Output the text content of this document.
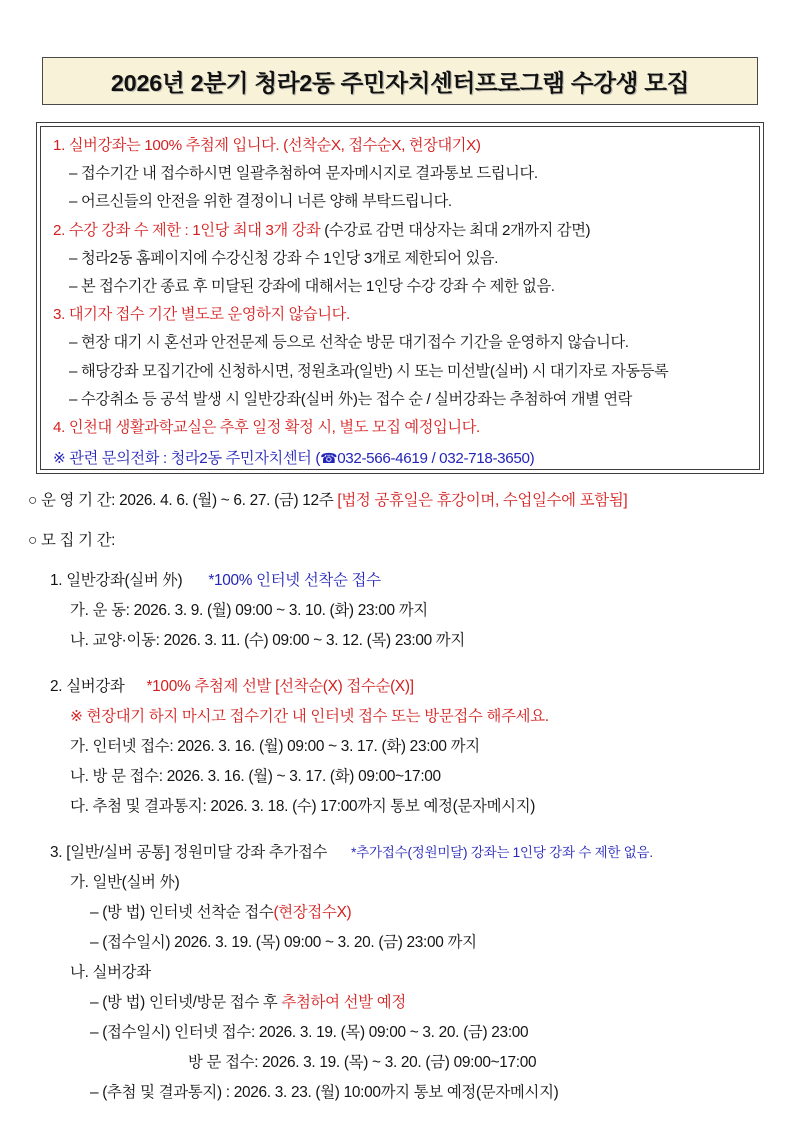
2026년 2분기 청라2동 주민자치센터프로그램 수강생 모집
1. 실버강좌는 100% 추첨제 입니다. (선착순X, 접수순X, 현장대기X)
– 접수기간 내 접수하시면 일괄추첨하여 문자메시지로 결과통보 드립니다.
– 어르신들의 안전을 위한 결정이니 너른 양해 부탁드립니다.
2. 수강 강좌 수 제한 : 1인당 최대 3개 강좌 (수강료 감면 대상자는 최대 2개까지 감면)
– 청라2동 홈페이지에 수강신청 강좌 수 1인당 3개로 제한되어 있음.
– 본 접수기간 종료 후 미달된 강좌에 대해서는 1인당 수강 강좌 수 제한 없음.
3. 대기자 접수 기간 별도로 운영하지 않습니다.
– 현장 대기 시 혼선과 안전문제 등으로 선착순 방문 대기접수 기간을 운영하지 않습니다.
– 해당강좌 모집기간에 신청하시면, 정원초과(일반) 시 또는 미선발(실버) 시 대기자로 자동등록
– 수강취소 등 공석 발생 시 일반강좌(실버 外)는 접수 순 / 실버강좌는 추첨하여 개별 연락
4. 인천대 생활과학교실은 추후 일정 확정 시, 별도 모집 예정입니다.
※ 관련 문의전화 : 청라2동 주민자치센터 (☎032-566-4619 / 032-718-3650)
○ 운 영 기 간: 2026. 4. 6. (월) ~ 6. 27. (금) 12주 [법정 공휴일은 휴강이며, 수업일수에 포함됨]
○ 모 집 기 간:
1. 일반강좌(실버 外) *100% 인터넷 선착순 접수
가. 운 동: 2026. 3. 9. (월) 09:00 ~ 3. 10. (화) 23:00 까지
나. 교양·이동: 2026. 3. 11. (수) 09:00 ~ 3. 12. (목) 23:00 까지
2. 실버강좌 *100% 추첨제 선발 [선착순(X) 접수순(X)]
※ 현장대기 하지 마시고 접수기간 내 인터넷 접수 또는 방문접수 해주세요.
가. 인터넷 접수: 2026. 3. 16. (월) 09:00 ~ 3. 17. (화) 23:00 까지
나. 방 문 접수: 2026. 3. 16. (월) ~ 3. 17. (화) 09:00~17:00
다. 추첨 및 결과통지: 2026. 3. 18. (수) 17:00까지 통보 예정(문자메시지)
3. [일반/실버 공통] 정원미달 강좌 추가접수 *추가접수(정원미달) 강좌는 1인당 강좌 수 제한 없음.
가. 일반(실버 外)
– (방 법) 인터넷 선착순 접수(현장접수X)
– (접수일시) 2026. 3. 19. (목) 09:00 ~ 3. 20. (금) 23:00 까지
나. 실버강좌
– (방 법) 인터넷/방문 접수 후 추첨하여 선발 예정
– (접수일시) 인터넷 접수: 2026. 3. 19. (목) 09:00 ~ 3. 20. (금) 23:00
방 문 접수: 2026. 3. 19. (목) ~ 3. 20. (금) 09:00~17:00
– (추첨 및 결과통지) : 2026. 3. 23. (월) 10:00까지 통보 예정(문자메시지)
